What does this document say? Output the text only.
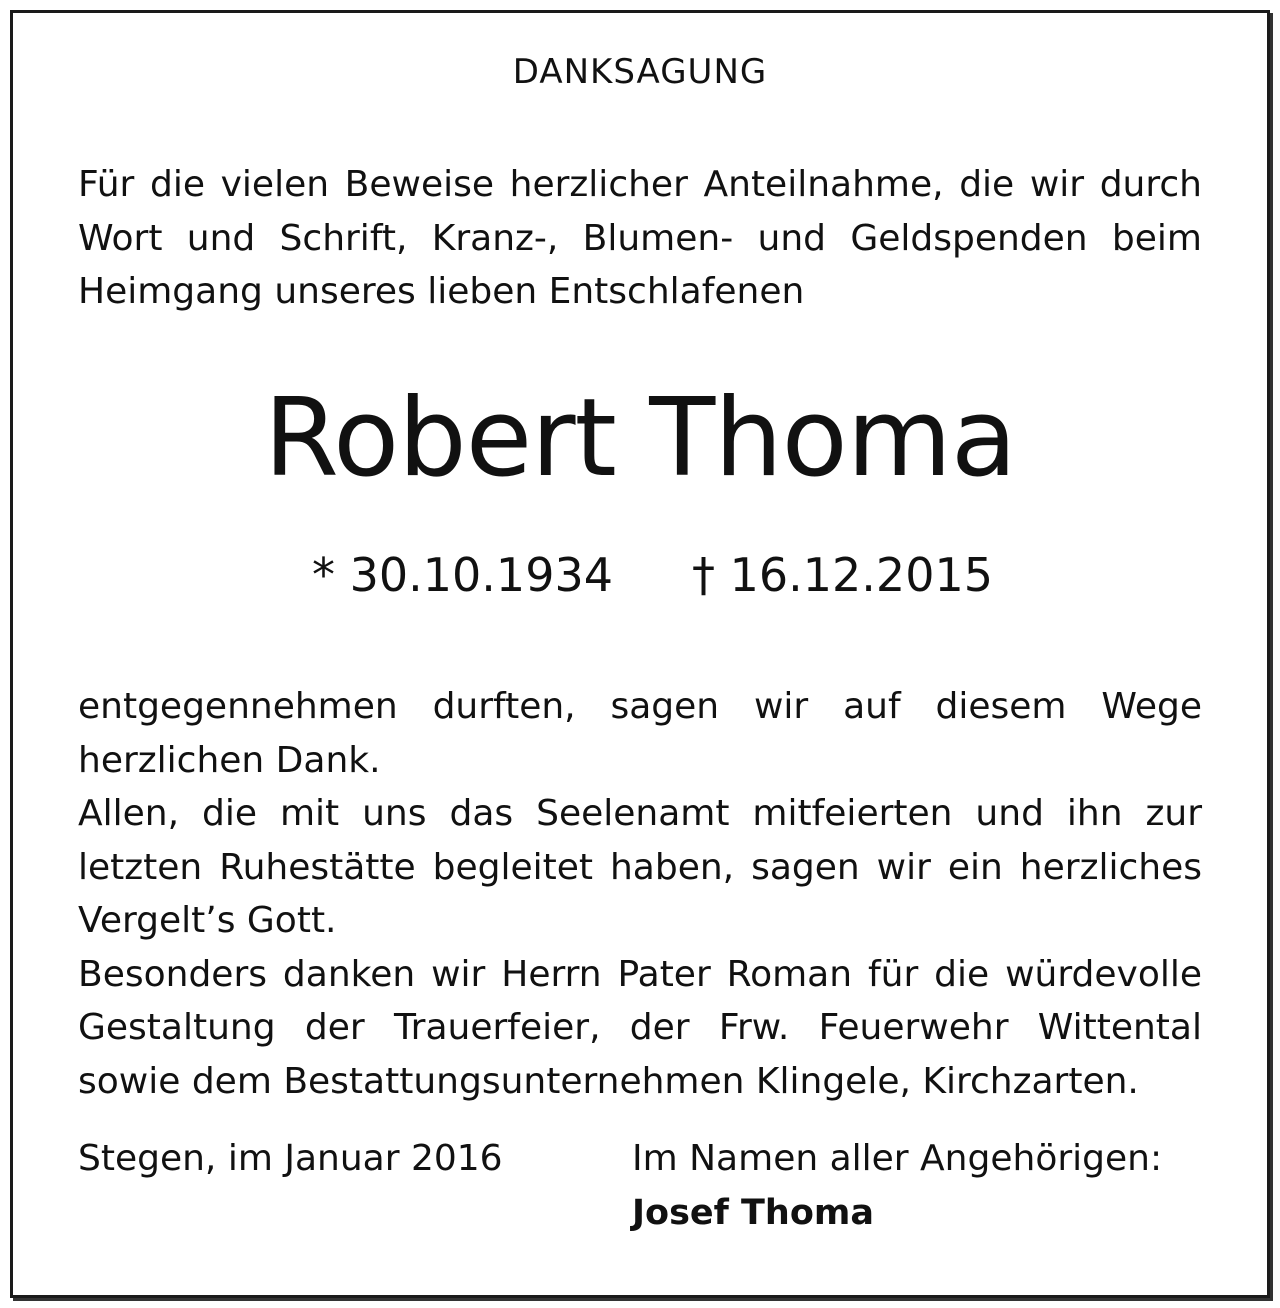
DANKSAGUNG
Für die vielen Beweise herzlicher Anteilnahme, die wir durch Wort und Schrift, Kranz-, Blumen- und Geldspenden beim Heimgang unseres lieben Entschlafenen
Robert Thoma
* 30.10.1934 † 16.12.2015
entgegennehmen durften, sagen wir auf diesem Wege herzlichen Dank.
Allen, die mit uns das Seelenamt mitfeierten und ihn zur letzten Ruhestätte begleitet haben, sagen wir ein herzliches Vergelt’s Gott.
Besonders danken wir Herrn Pater Roman für die würdevolle Gestaltung der Trauerfeier, der Frw. Feuerwehr Wittental sowie dem Bestattungsunternehmen Klingele, Kirchzarten.
Stegen, im Januar 2016	Im Namen aller Angehörigen:
Josef Thoma
